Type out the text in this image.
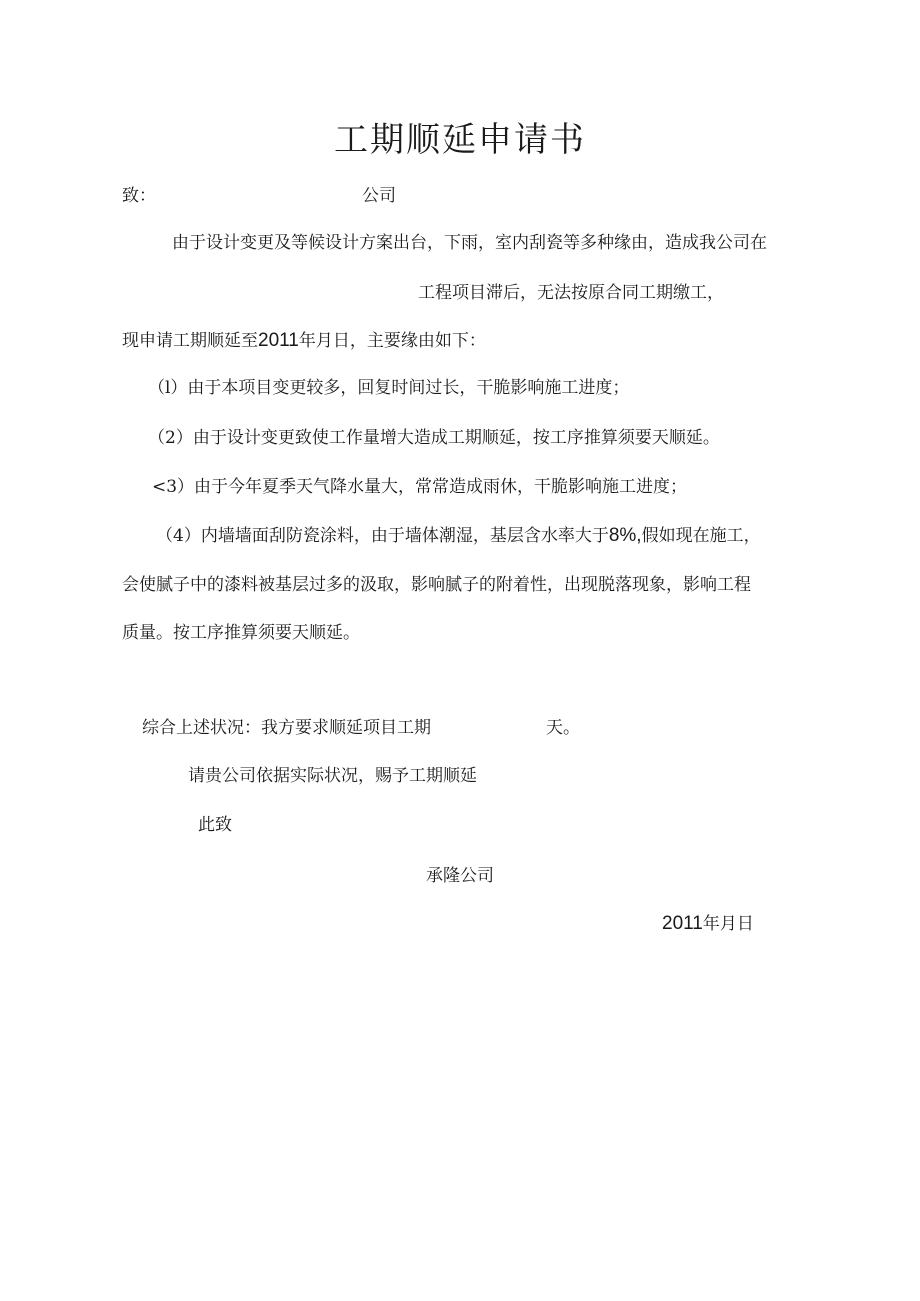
工期顺延申请书
致：	公司
由于设计变更及等候设计方案出台，下雨，室内刮瓷等多种缘由，造成我公司在
工程项目滞后，无法按原合同工期缴工，
现申请工期顺延至2011年月日，主要缘由如下：
（l）由于本项目变更较多，回复时间过长，干脆影响施工进度；
（2）由于设计变更致使工作量增大造成工期顺延，按工序推算须要天顺延。
<3）由于今年夏季天气降水量大，常常造成雨休，干脆影响施工进度；
（4）内墙墙面刮防瓷涂料，由于墙体潮湿，基层含水率大于8%,假如现在施工，
会使腻子中的漆料被基层过多的汲取，影响腻子的附着性，出现脱落现象，影响工程
质量。按工序推算须要天顺延。
综合上述状况：我方要求顺延项目工期	天。
请贵公司依据实际状况，赐予工期顺延
此致
承隆公司
2011年月日
